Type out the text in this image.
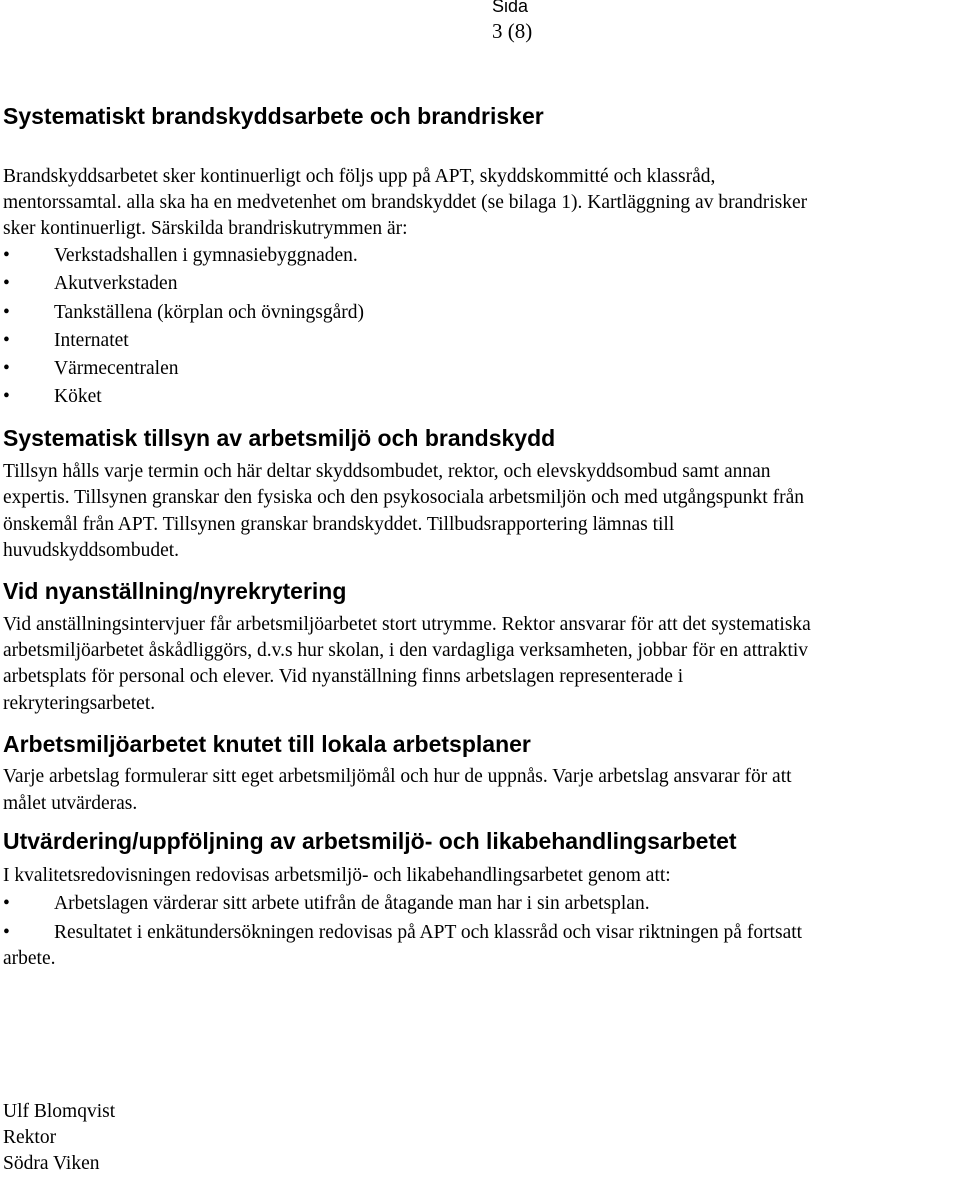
Sida
3 (8)
Systematiskt brandskyddsarbete och brandrisker
Brandskyddsarbetet sker kontinuerligt och följs upp på APT, skyddskommitté och klassråd,
mentorssamtal. alla ska ha en medvetenhet om brandskyddet (se bilaga 1). Kartläggning av brandrisker
sker kontinuerligt. Särskilda brandriskutrymmen är:
• Verkstadshallen i gymnasiebyggnaden.
• Akutverkstaden
• Tankställena (körplan och övningsgård)
• Internatet
• Värmecentralen
• Köket
Systematisk tillsyn av arbetsmiljö och brandskydd
Tillsyn hålls varje termin och här deltar skyddsombudet, rektor, och elevskyddsombud samt annan
expertis. Tillsynen granskar den fysiska och den psykosociala arbetsmiljön och med utgångspunkt från
önskemål från APT. Tillsynen granskar brandskyddet. Tillbudsrapportering lämnas till
huvudskyddsombudet.
Vid nyanställning/nyrekrytering
Vid anställningsintervjuer får arbetsmiljöarbetet stort utrymme. Rektor ansvarar för att det systematiska
arbetsmiljöarbetet åskådliggörs, d.v.s hur skolan, i den vardagliga verksamheten, jobbar för en attraktiv
arbetsplats för personal och elever. Vid nyanställning finns arbetslagen representerade i
rekryteringsarbetet.
Arbetsmiljöarbetet knutet till lokala arbetsplaner
Varje arbetslag formulerar sitt eget arbetsmiljömål och hur de uppnås. Varje arbetslag ansvarar för att
målet utvärderas.
Utvärdering/uppföljning av arbetsmiljö- och likabehandlingsarbetet
I kvalitetsredovisningen redovisas arbetsmiljö- och likabehandlingsarbetet genom att:
• Arbetslagen värderar sitt arbete utifrån de åtagande man har i sin arbetsplan.
• Resultatet i enkätundersökningen redovisas på APT och klassråd och visar riktningen på fortsatt
arbete.
Ulf Blomqvist
Rektor
Södra Viken
